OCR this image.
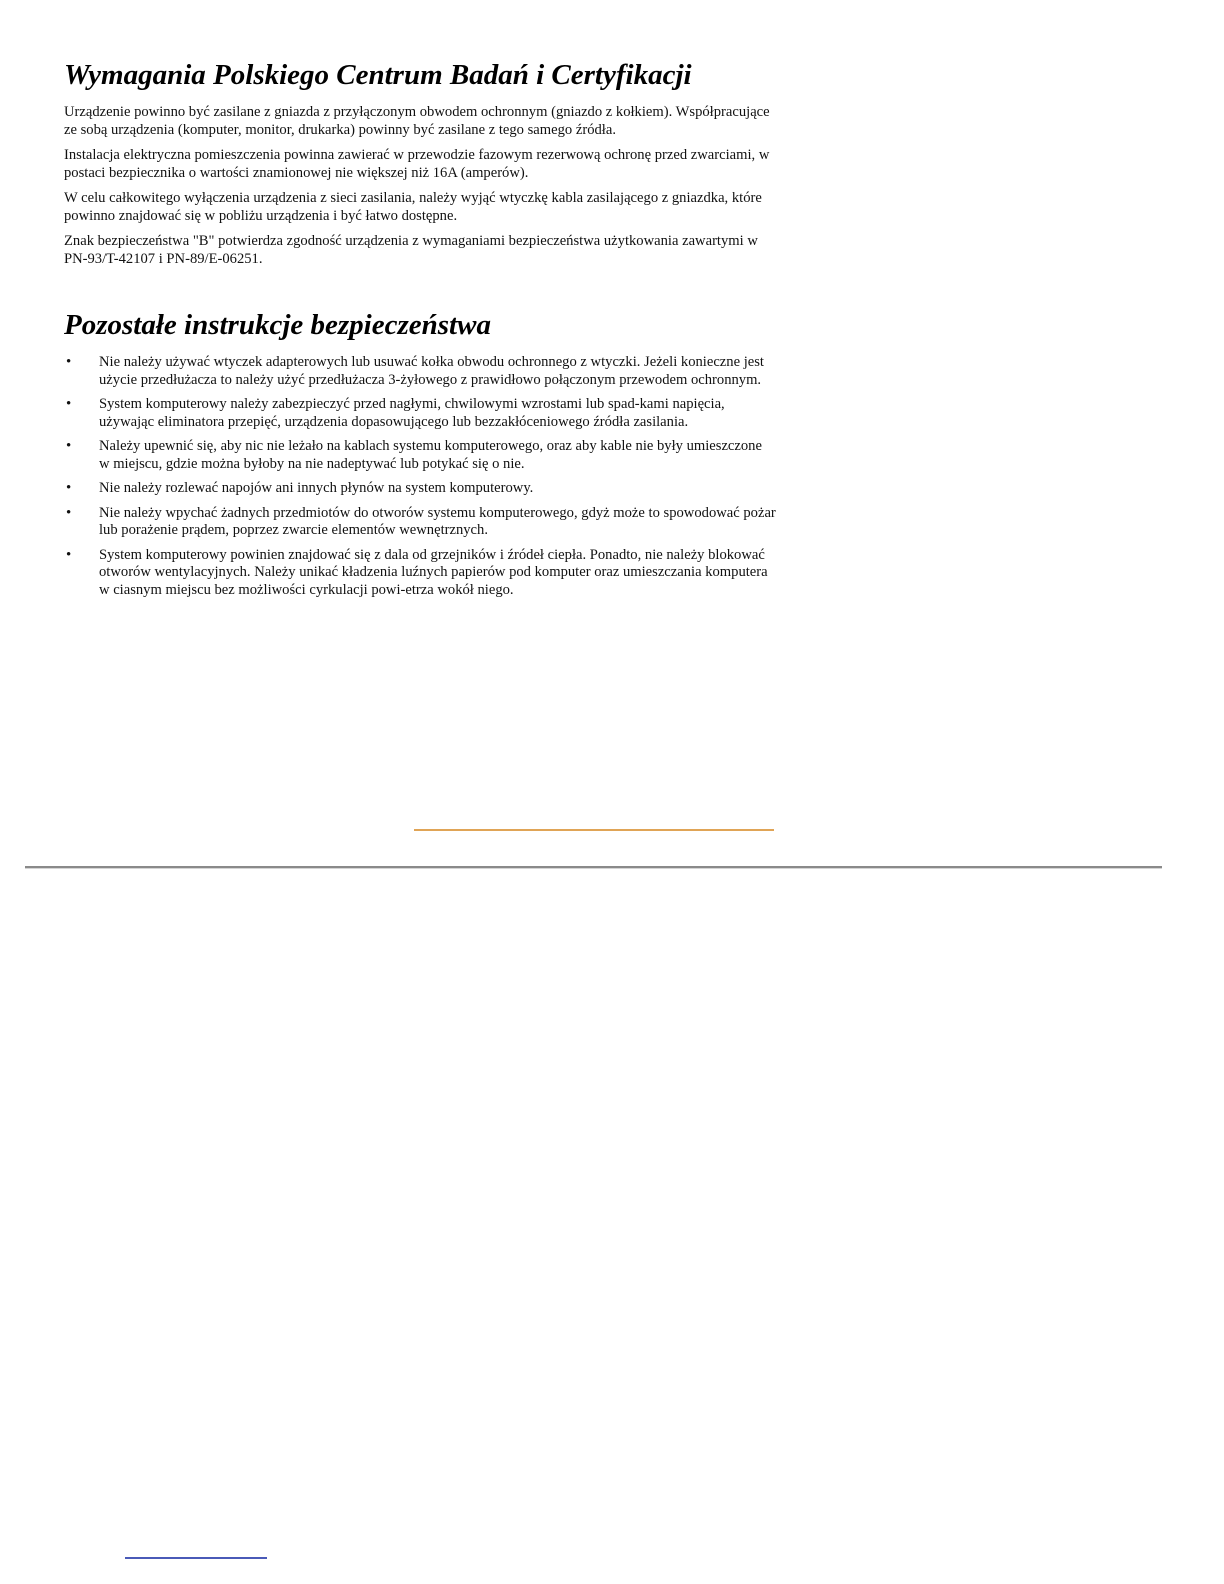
Wymagania Polskiego Centrum Badań i Certyfikacji

Urządzenie powinno być zasilane z gniazda z przyłączonym obwodem ochronnym (gniazdo z kołkiem). Współpracujące ze sobą urządzenia (komputer, monitor, drukarka) powinny być zasilane z tego samego źródła.

Instalacja elektryczna pomieszczenia powinna zawierać w przewodzie fazowym rezerwową ochronę przed zwarciami, w postaci bezpiecznika o wartości znamionowej nie większej niż 16A (amperów).

W celu całkowitego wyłączenia urządzenia z sieci zasilania, należy wyjąć wtyczkę kabla zasilającego z gniazdka, które powinno znajdować się w pobliżu urządzenia i być łatwo dostępne.

Znak bezpieczeństwa "B" potwierdza zgodność urządzenia z wymaganiami bezpieczeństwa użytkowania zawartymi w PN-93/T-42107 i PN-89/E-06251.

Pozostałe instrukcje bezpieczeństwa
• Nie należy używać wtyczek adapterowych lub usuwać kołka obwodu ochronnego z wtyczki. Jeżeli konieczne jest użycie przedłużacza to należy użyć przedłużacza 3-żyłowego z prawidłowo połączonym przewodem ochronnym.
• System komputerowy należy zabezpieczyć przed nagłymi, chwilowymi wzrostami lub spad-kami napięcia, używając eliminatora przepięć, urządzenia dopasowującego lub bezzakłóceniowego źródła zasilania.
• Należy upewnić się, aby nic nie leżało na kablach systemu komputerowego, oraz aby kable nie były umieszczone w miejscu, gdzie można byłoby na nie nadeptywać lub potykać się o nie.
• Nie należy rozlewać napojów ani innych płynów na system komputerowy.
• Nie należy wpychać żadnych przedmiotów do otworów systemu komputerowego, gdyż może to spowodować pożar lub porażenie prądem, poprzez zwarcie elementów wewnętrznych.
• System komputerowy powinien znajdować się z dala od grzejników i źródeł ciepła. Ponadto, nie należy blokować otworów wentylacyjnych. Należy unikać kładzenia luźnych papierów pod komputer oraz umieszczania komputera w ciasnym miejscu bez możliwości cyrkulacji powi-etrza wokół niego.
